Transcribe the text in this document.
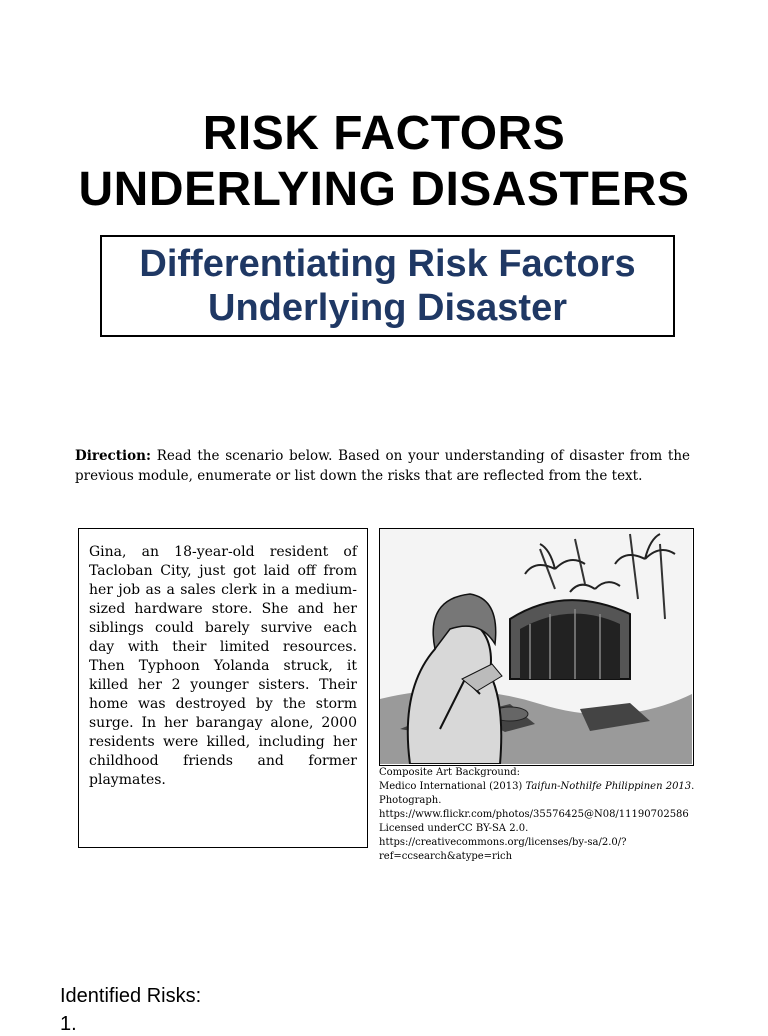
RISK FACTORS
UNDERLYING DISASTERS
Differentiating Risk Factors
Underlying Disaster
Direction: Read the scenario below. Based on your understanding of disaster from the previous module, enumerate or list down the risks that are reflected from the text.
Gina, an 18-year-old resident of Tacloban City, just got laid off from her job as a sales clerk in a medium-sized hardware store. She and her siblings could barely survive each day with their limited resources. Then Typhoon Yolanda struck, it killed her 2 younger sisters. Their home was destroyed by the storm surge. In her barangay alone, 2000 residents were killed, including her childhood friends and former playmates.	Composite Art Background:
Medico International (2013) Taifun-Nothilfe Philippinen 2013. Photograph. https://www.flickr.com/photos/35576425@N08/11190702586 Licensed underCC BY-SA 2.0. https://creativecommons.org/licenses/by-sa/2.0/?ref=ccsearch&atype=rich
Identified Risks:
1.
